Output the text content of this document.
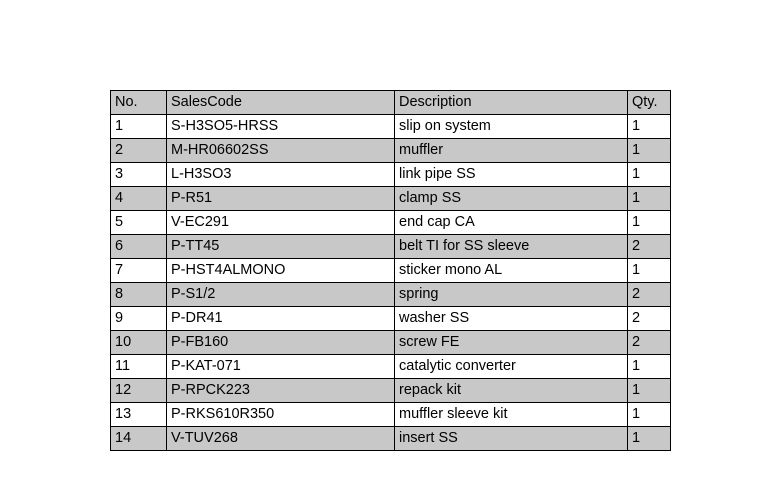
No.	SalesCode	Description	Qty.
1	S-H3SO5-HRSS	slip on system	1
2	M-HR06602SS	muffler	1
3	L-H3SO3	link pipe SS	1
4	P-R51	clamp SS	1
5	V-EC291	end cap CA	1
6	P-TT45	belt TI for SS sleeve	2
7	P-HST4ALMONO	sticker mono AL	1
8	P-S1/2	spring	2
9	P-DR41	washer SS	2
10	P-FB160	screw FE	2
11	P-KAT-071	catalytic converter	1
12	P-RPCK223	repack kit	1
13	P-RKS610R350	muffler sleeve kit	1
14	V-TUV268	insert SS	1
